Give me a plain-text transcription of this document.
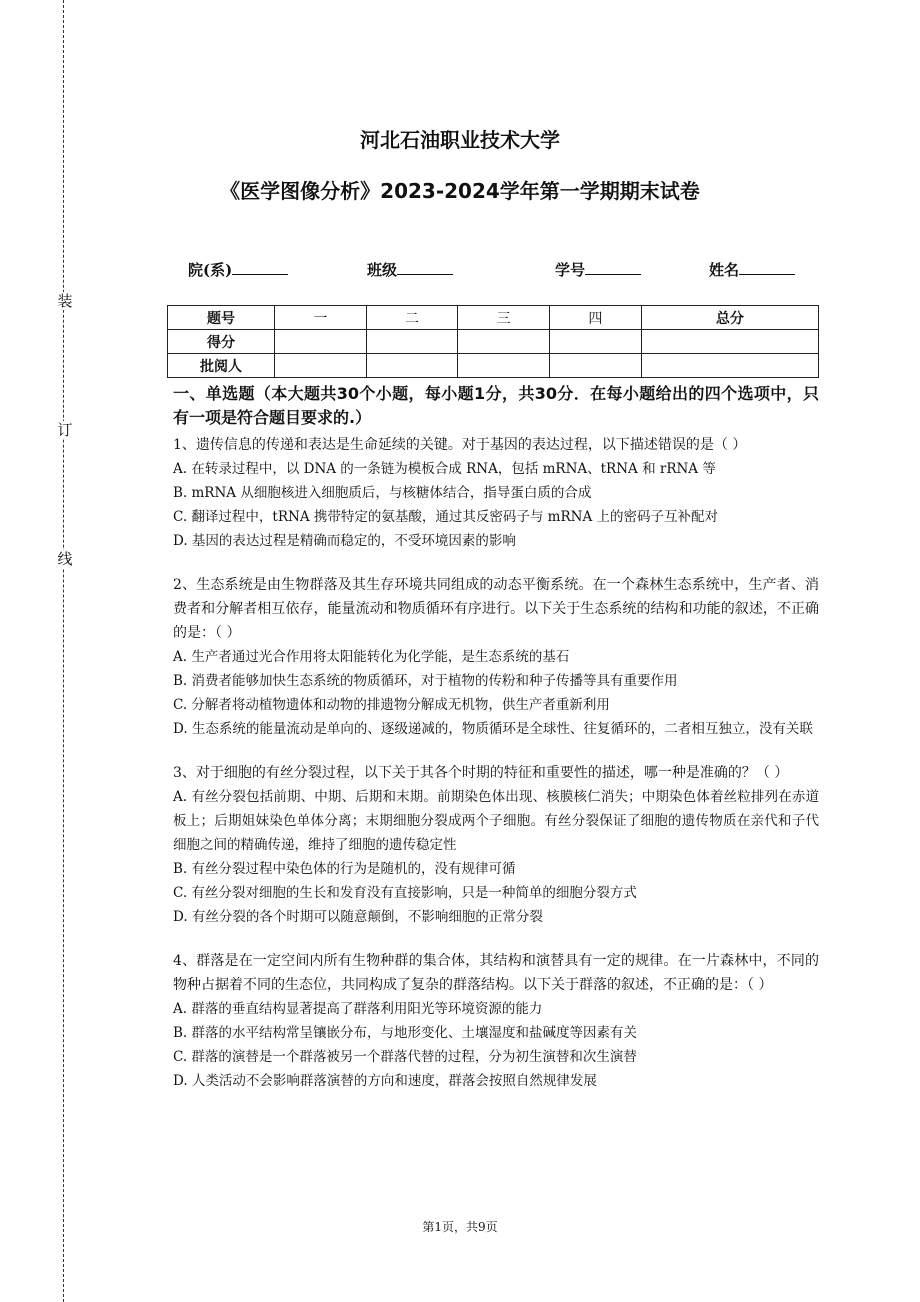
装
订
线
河北石油职业技术大学
《医学图像分析》2023-2024学年第一学期期末试卷
院(系)	班级	学号	姓名
题号	一	二	三	四	总分
得分					
批阅人					

一、单选题（本大题共30个小题，每小题1分，共30分．在每小题给出的四个选项中，只有一项是符合题目要求的.）

1、遗传信息的传递和表达是生命延续的关键。对于基因的表达过程，以下描述错误的是（ ）

A. 在转录过程中，以 DNA 的一条链为模板合成 RNA，包括 mRNA、tRNA 和 rRNA 等

B. mRNA 从细胞核进入细胞质后，与核糖体结合，指导蛋白质的合成

C. 翻译过程中，tRNA 携带特定的氨基酸，通过其反密码子与 mRNA 上的密码子互补配对

D. 基因的表达过程是精确而稳定的，不受环境因素的影响

2、生态系统是由生物群落及其生存环境共同组成的动态平衡系统。在一个森林生态系统中，生产者、消费者和分解者相互依存，能量流动和物质循环有序进行。以下关于生态系统的结构和功能的叙述，不正确的是：（ ）

A. 生产者通过光合作用将太阳能转化为化学能，是生态系统的基石

B. 消费者能够加快生态系统的物质循环，对于植物的传粉和种子传播等具有重要作用

C. 分解者将动植物遗体和动物的排遗物分解成无机物，供生产者重新利用

D. 生态系统的能量流动是单向的、逐级递减的，物质循环是全球性、往复循环的，二者相互独立，没有关联

3、对于细胞的有丝分裂过程，以下关于其各个时期的特征和重要性的描述，哪一种是准确的？（ ）

A. 有丝分裂包括前期、中期、后期和末期。前期染色体出现、核膜核仁消失；中期染色体着丝粒排列在赤道板上；后期姐妹染色单体分离；末期细胞分裂成两个子细胞。有丝分裂保证了细胞的遗传物质在亲代和子代细胞之间的精确传递，维持了细胞的遗传稳定性

B. 有丝分裂过程中染色体的行为是随机的，没有规律可循

C. 有丝分裂对细胞的生长和发育没有直接影响，只是一种简单的细胞分裂方式

D. 有丝分裂的各个时期可以随意颠倒，不影响细胞的正常分裂

4、群落是在一定空间内所有生物种群的集合体，其结构和演替具有一定的规律。在一片森林中，不同的物种占据着不同的生态位，共同构成了复杂的群落结构。以下关于群落的叙述，不正确的是：（ ）

A. 群落的垂直结构显著提高了群落利用阳光等环境资源的能力

B. 群落的水平结构常呈镶嵌分布，与地形变化、土壤湿度和盐碱度等因素有关

C. 群落的演替是一个群落被另一个群落代替的过程，分为初生演替和次生演替

D. 人类活动不会影响群落演替的方向和速度，群落会按照自然规律发展

第1页，共9页
